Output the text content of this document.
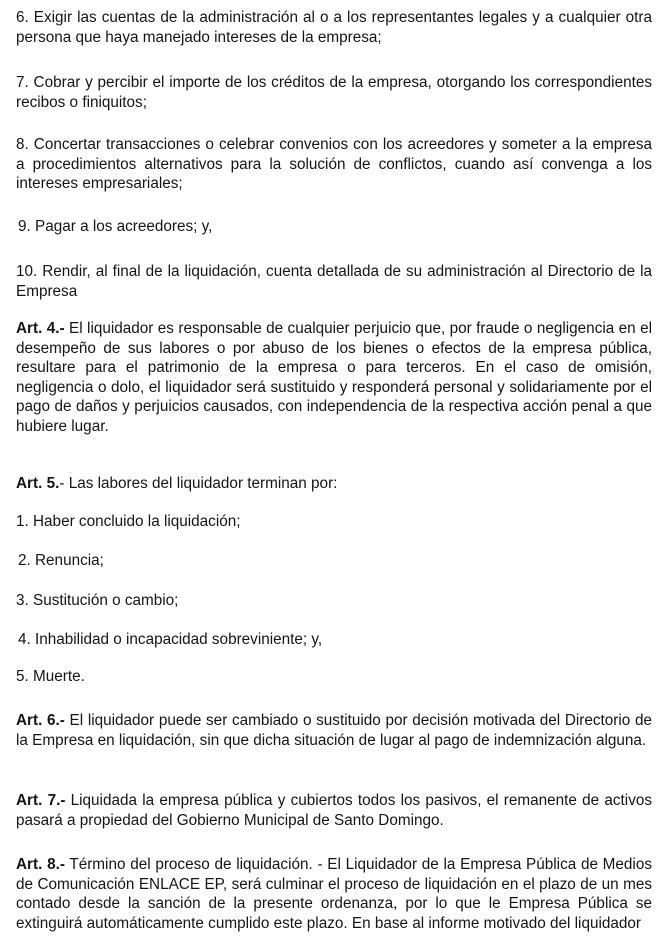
6. Exigir las cuentas de la administración al o a los representantes legales y a cualquier otra persona que haya manejado intereses de la empresa;

7. Cobrar y percibir el importe de los créditos de la empresa, otorgando los correspondientes recibos o finiquitos;

8. Concertar transacciones o celebrar convenios con los acreedores y someter a la empresa a procedimientos alternativos para la solución de conflictos, cuando así convenga a los intereses empresariales;

9. Pagar a los acreedores; y,

10. Rendir, al final de la liquidación, cuenta detallada de su administración al Directorio de la Empresa

Art. 4.- El liquidador es responsable de cualquier perjuicio que, por fraude o negligencia en el desempeño de sus labores o por abuso de los bienes o efectos de la empresa pública, resultare para el patrimonio de la empresa o para terceros. En el caso de omisión, negligencia o dolo, el liquidador será sustituido y responderá personal y solidariamente por el pago de daños y perjuicios causados, con independencia de la respectiva acción penal a que hubiere lugar.

Art. 5.- Las labores del liquidador terminan por:

1. Haber concluido la liquidación;

2. Renuncia;

3. Sustitución o cambio;

4. Inhabilidad o incapacidad sobreviniente; y,

5. Muerte.

Art. 6.- El liquidador puede ser cambiado o sustituido por decisión motivada del Directorio de la Empresa en liquidación, sin que dicha situación de lugar al pago de indemnización alguna.

Art. 7.- Liquidada la empresa pública y cubiertos todos los pasivos, el remanente de activos pasará a propiedad del Gobierno Municipal de Santo Domingo.

Art. 8.- Término del proceso de liquidación. - El Liquidador de la Empresa Pública de Medios de Comunicación ENLACE EP, será culminar el proceso de liquidación en el plazo de un mes contado desde la sanción de la presente ordenanza, por lo que le Empresa Pública se extinguirá automáticamente cumplido este plazo. En base al informe motivado del liquidador
